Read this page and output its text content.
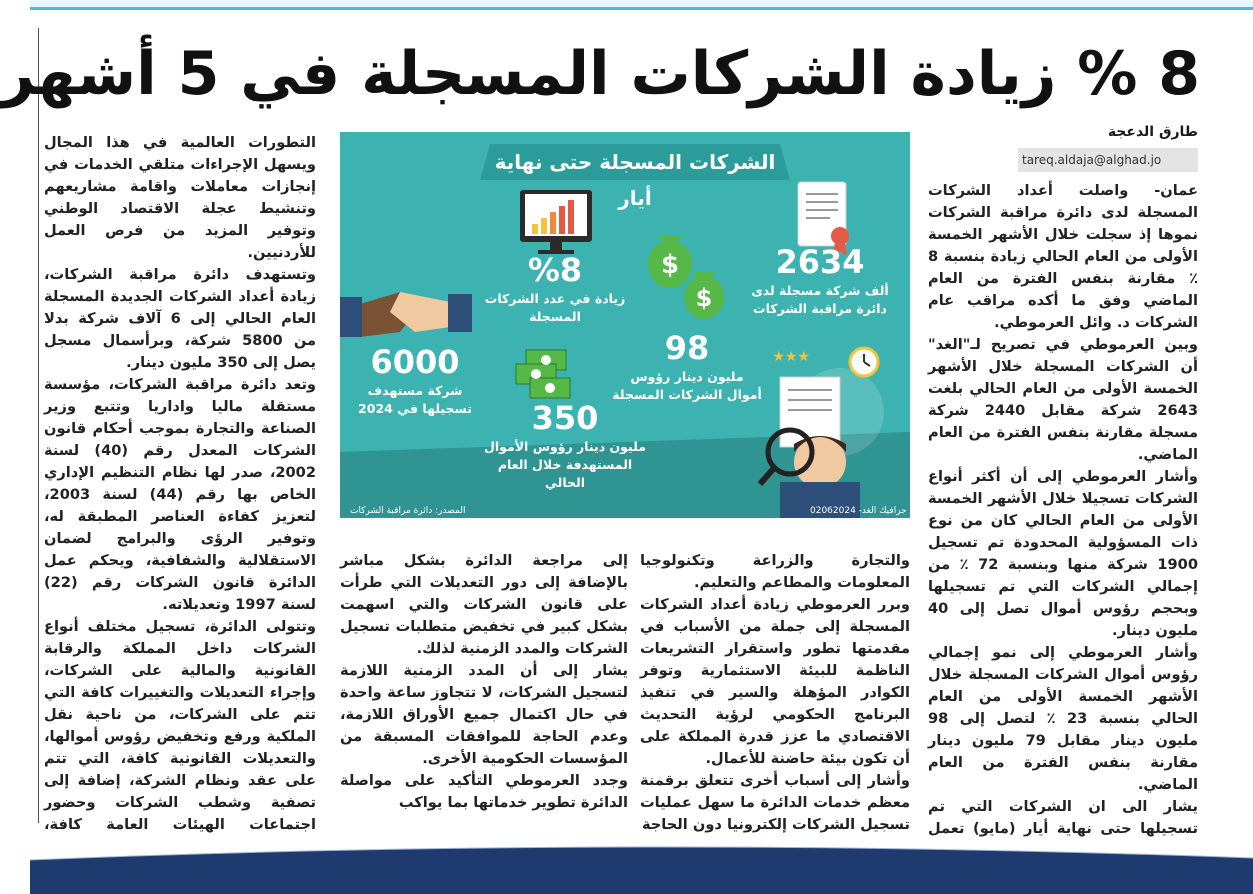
8 % زيادة الشركات المسجلة في 5 أشهر
طارق الدعجة
tareq.aldaja@alghad.jo

عمان- واصلت أعداد الشركات المسجلة لدى دائرة مراقبة الشركات نموها إذ سجلت خلال الأشهر الخمسة الأولى من العام الحالي زيادة بنسبة 8 ٪ مقارنة بنفس الفترة من العام الماضي وفق ما أكده مراقب عام الشركات د. وائل العرموطي.

وبين العرموطي في تصريح لـ"الغد" أن الشركات المسجلة خلال الأشهر الخمسة الأولى من العام الحالي بلغت 2643 شركة مقابل 2440 شركة مسجلة مقارنة بنفس الفترة من العام الماضي.

وأشار العرموطي إلى أن أكثر أنواع الشركات تسجيلا خلال الأشهر الخمسة الأولى من العام الحالي كان من نوع ذات المسؤولية المحدودة تم تسجيل 1900 شركة منها وبنسبة 72 ٪ من إجمالي الشركات التي تم تسجيلها وبحجم رؤوس أموال تصل إلى 40 مليون دينار.

وأشار العرموطي إلى نمو إجمالي رؤوس أموال الشركات المسجلة خلال الأشهر الخمسة الأولى من العام الحالي بنسبة 23 ٪ لتصل إلى 98 مليون دينار مقابل 79 مليون دينار مقارنة بنفس الفترة من العام الماضي.

يشار الى ان الشركات التي تم تسجيلها حتى نهاية أيار (مايو) تعمل

والتجارة والزراعة وتكنولوجيا المعلومات والمطاعم والتعليم.

وبرر العرموطي زيادة أعداد الشركات المسجلة إلى جملة من الأسباب في مقدمتها تطور واستقرار التشريعات الناظمة للبيئة الاستثمارية وتوفر الكوادر المؤهلة والسير في تنفيذ البرنامج الحكومي لرؤية التحديث الاقتصادي ما عزز قدرة المملكة على أن تكون بيئة حاضنة للأعمال.

وأشار إلى أسباب أخرى تتعلق برقمنة معظم خدمات الدائرة ما سهل عمليات تسجيل الشركات إلكترونيا دون الحاجة

إلى مراجعة الدائرة بشكل مباشر بالإضافة إلى دور التعديلات التي طرأت على قانون الشركات والتي اسهمت بشكل كبير في تخفيض متطلبات تسجيل الشركات والمدد الزمنية لذلك.

يشار إلى أن المدد الزمنية اللازمة لتسجيل الشركات، لا تتجاوز ساعة واحدة في حال اكتمال جميع الأوراق اللازمة، وعدم الحاجة للموافقات المسبقة من المؤسسات الحكومية الأخرى.

وجدد العرموطي التأكيد على مواصلة الدائرة تطوير خدماتها بما يواكب

التطورات العالمية في هذا المجال ويسهل الإجراءات متلقي الخدمات في إنجازات معاملات واقامة مشاريعهم وتنشيط عجلة الاقتصاد الوطني وتوفير المزيد من فرص العمل للأردنيين.

وتستهدف دائرة مراقبة الشركات، زيادة أعداد الشركات الجديدة المسجلة العام الحالي إلى 6 آلاف شركة بدلا من 5800 شركة، وبرأسمال مسجل يصل إلى 350 مليون دينار.

وتعد دائرة مراقبة الشركات، مؤسسة مستقلة ماليا واداريا وتتبع وزير الصناعة والتجارة بموجب أحكام قانون الشركات المعدل رقم (40) لسنة 2002، صدر لها نظام التنظيم الإداري الخاص بها رقم (44) لسنة 2003، لتعزيز كفاءة العناصر المطبقة له، وتوفير الرؤى والبرامج لضمان الاستقلالية والشفافية، ويحكم عمل الدائرة قانون الشركات رقم (22) لسنة 1997 وتعديلاته.

وتتولى الدائرة، تسجيل مختلف أنواع الشركات داخل المملكة والرقابة القانونية والمالية على الشركات، وإجراء التعديلات والتغييرات كافة التي تتم على الشركات، من ناحية نقل الملكية ورفع وتخفيض رؤوس أموالها، والتعديلات القانونية كافة، التي تتم على عقد ونظام الشركة، إضافة إلى تصفية وشطب الشركات وحضور اجتماعات الهيئات العامة كافة،

$
$
★★★
الشركات المسجلة حتى نهاية أيار
2634
ألف شركة مسجلة لدى دائرة مراقبة الشركات
%8
زيادة في عدد الشركات المسجلة
98
مليون دينار رؤوس أموال الشركات المسجلة
6000
شركة مستهدف تسجيلها في 2024	350
مليون دينار رؤوس الأموال المستهدفة خلال العام الحالي
المصدر: دائرة مراقبة الشركات	جرافيك الغد- 02062024
